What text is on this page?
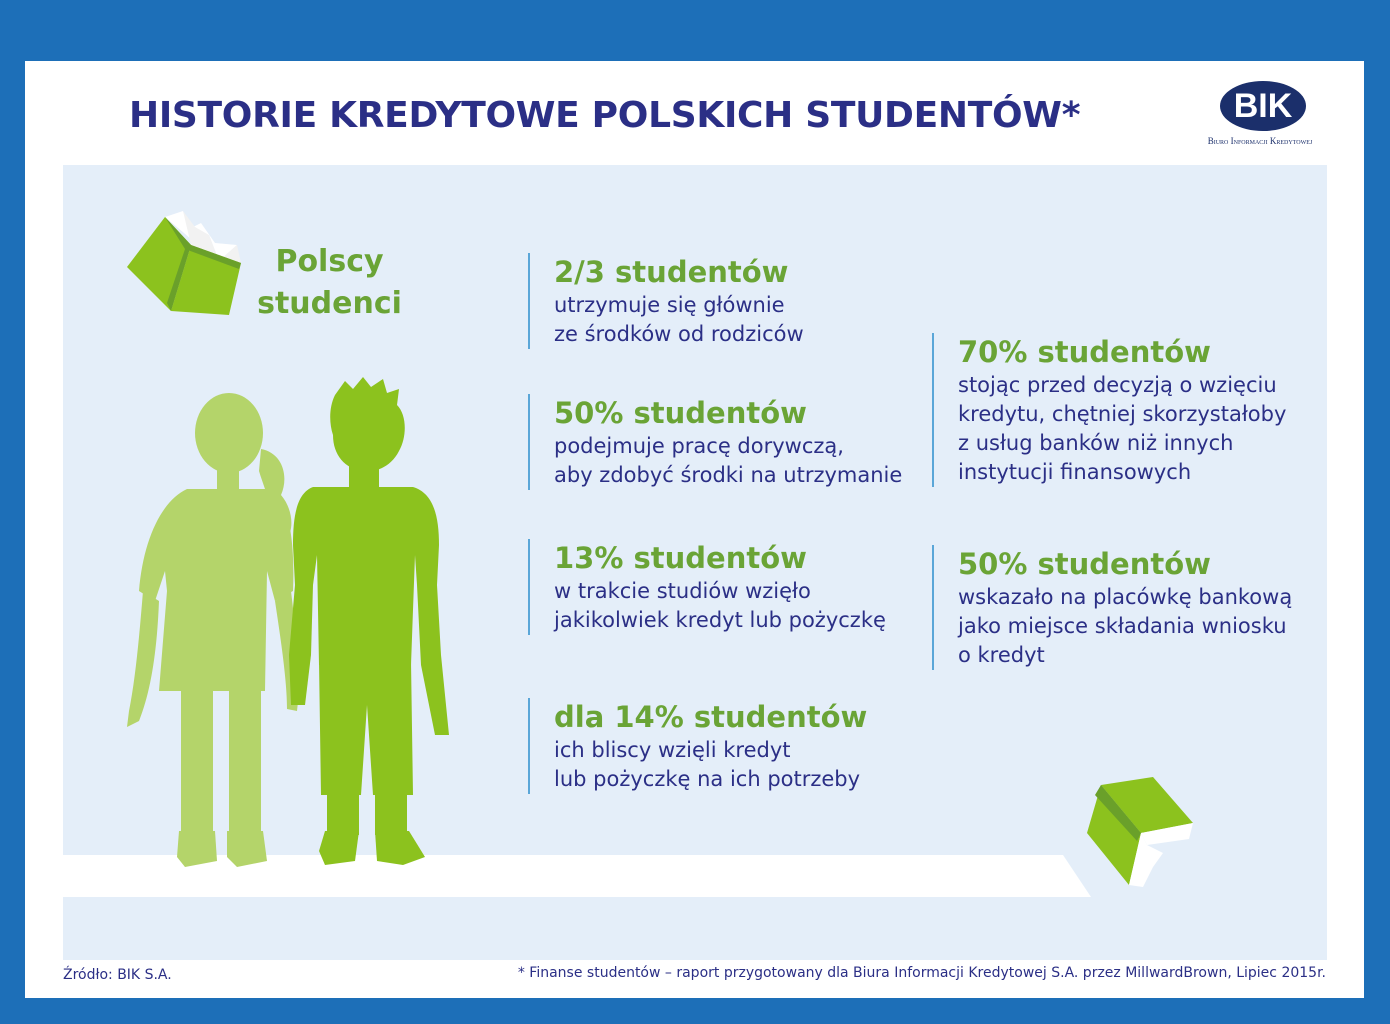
HISTORIE KREDYTOWE POLSKICH STUDENTÓW*	BIK
Biuro Informacji Kredytowej
Polscy
studenci
2/3 studentów
utrzymuje się głównie
ze środków od rodziców
50% studentów
podejmuje pracę dorywczą,
aby zdobyć środki na utrzymanie
13% studentów
w trakcie studiów wzięło
jakikolwiek kredyt lub pożyczkę
dla 14% studentów
ich bliscy wzięli kredyt
lub pożyczkę na ich potrzeby
70% studentów
stojąc przed decyzją o wzięciu
kredytu, chętniej skorzystałoby
z usług banków niż innych
instytucji finansowych
50% studentów
wskazało na placówkę bankową
jako miejsce składania wniosku
o kredyt
Źródło: BIK S.A.	* Finanse studentów – raport przygotowany dla Biura Informacji Kredytowej S.A. przez MillwardBrown, Lipiec 2015r.
